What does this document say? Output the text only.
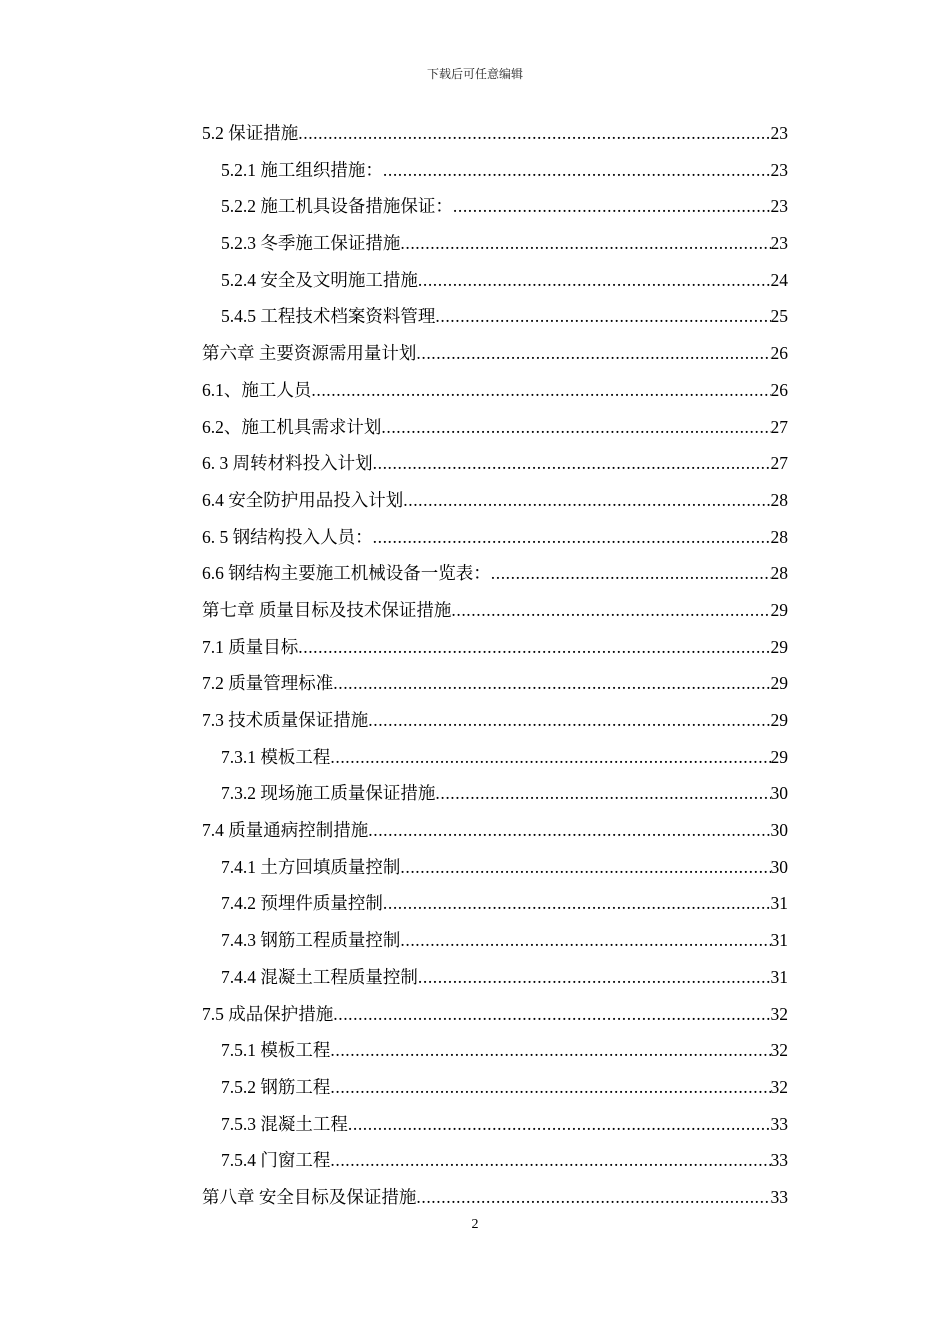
下载后可任意编辑
5.2 保证措施 .....	23
5.2.1 施工组织措施： .....	23
5.2.2 施工机具设备措施保证： .....	23
5.2.3 冬季施工保证措施 .....	23
5.2.4 安全及文明施工措施 .....	24
5.4.5 工程技术档案资料管理 .....	25
第六章 主要资源需用量计划 .....	26
6.1、施工人员 .....	26
6.2、施工机具需求计划 .....	27
6. 3 周转材料投入计划 .....	27
6.4 安全防护用品投入计划 .....	28
6. 5 钢结构投入人员： .....	28
6.6 钢结构主要施工机械设备一览表： .....	28
第七章 质量目标及技术保证措施 .....	29
7.1 质量目标 .....	29
7.2 质量管理标准 .....	29
7.3 技术质量保证措施 .....	29
7.3.1 模板工程 .....	29
7.3.2 现场施工质量保证措施 .....	30
7.4 质量通病控制措施 .....	30
7.4.1 土方回填质量控制 .....	30
7.4.2 预埋件质量控制 .....	31
7.4.3 钢筋工程质量控制 .....	31
7.4.4 混凝土工程质量控制 .....	31
7.5 成品保护措施 .....	32
7.5.1 模板工程 .....	32
7.5.2 钢筋工程 .....	32
7.5.3 混凝土工程 .....	33
7.5.4 门窗工程 .....	33
第八章 安全目标及保证措施 .....	33
2
